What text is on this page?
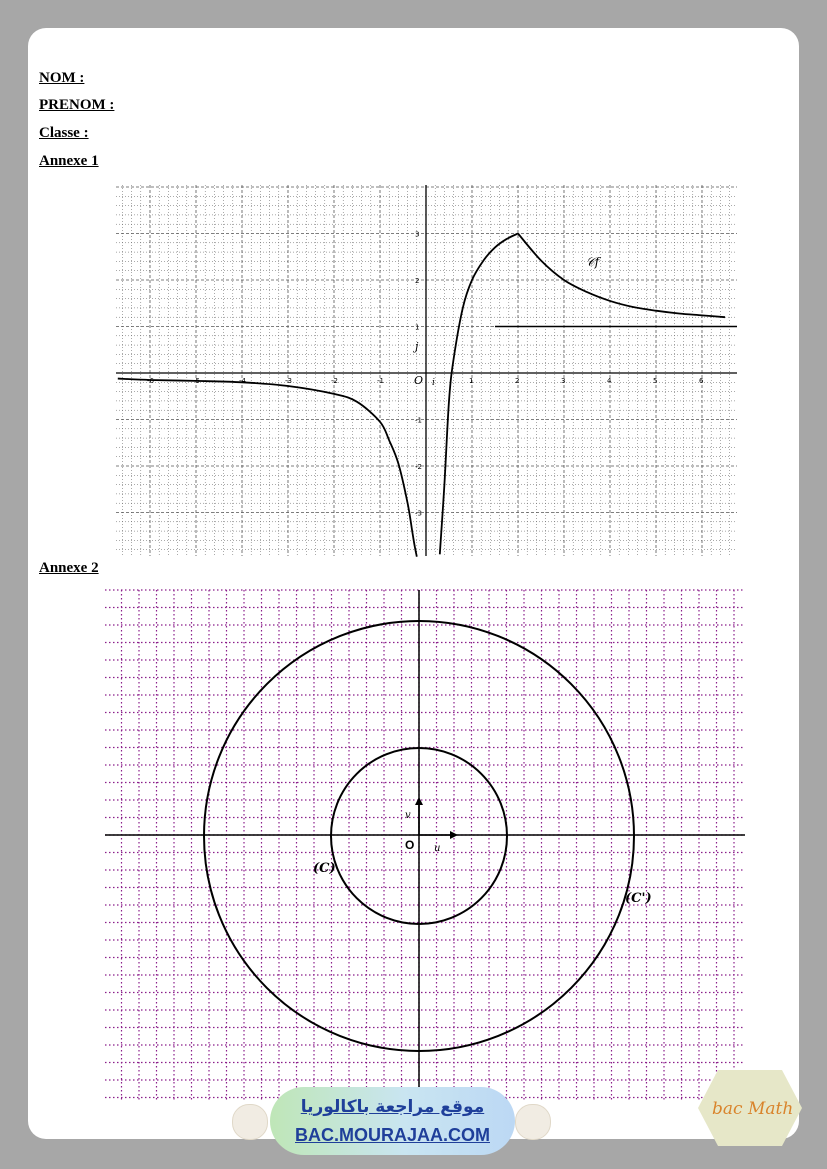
NOM :
PRENOM :
Classe :
Annexe 1
Annexe 2
-6	-5	-4	-3	-2	-1	1	2	3	4	5	6
3
2
1
-1
-2
-3
𝒞f
O i
j
O u
v
(C)
(C')
موقع مراجعة باكالوريا
BAC.MOURAJAA.COM
bac Math
